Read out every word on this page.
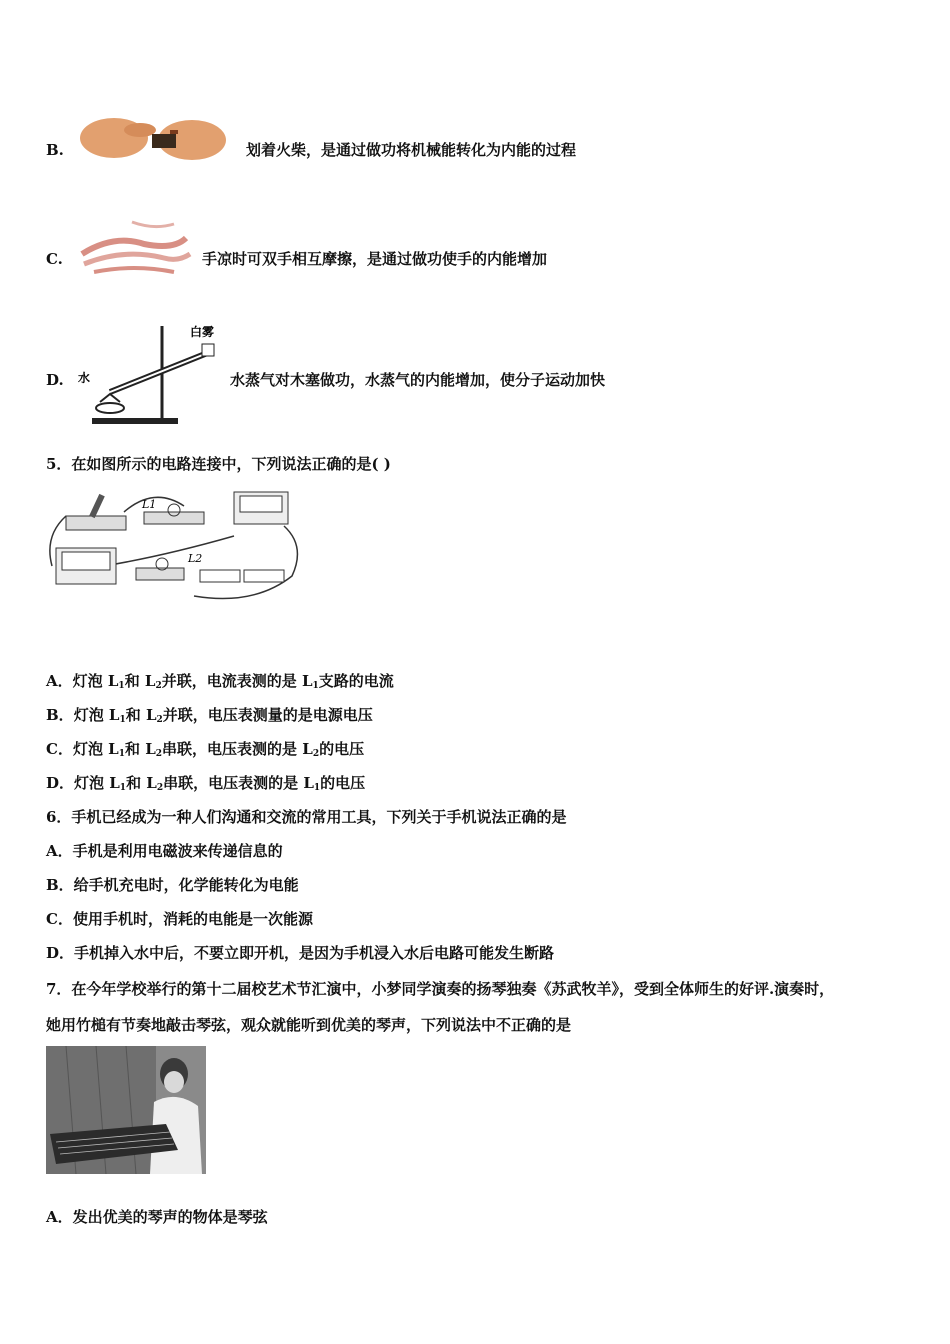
B.	划着火柴，是通过做功将机械能转化为内能的过程
C.	手凉时可双手相互摩擦，是通过做功使手的内能增加
D.
白雾
水	水蒸气对木塞做功，水蒸气的内能增加，使分子运动加快
5．在如图所示的电路连接中，下列说法正确的是( )
L1
L2
A．灯泡 $L_1$和 $L_2$并联，电流表测的是 $L_1$支路的电流
B．灯泡 $L_1$和 $L_2$并联，电压表测量的是电源电压
C．灯泡 $L_1$和 $L_2$串联，电压表测的是 $L_2$的电压
D．灯泡 $L_1$和 $L_2$串联，电压表测的是 $L_1$的电压
6．手机已经成为一种人们沟通和交流的常用工具，下列关于手机说法正确的是
A．手机是利用电磁波来传递信息的
B．给手机充电时，化学能转化为电能
C．使用手机时，消耗的电能是一次能源
D．手机掉入水中后，不要立即开机，是因为手机浸入水后电路可能发生断路
7．在今年学校举行的第十二届校艺术节汇演中，小梦同学演奏的扬琴独奏《苏武牧羊》，受到全体师生的好评.演奏时，
她用竹槌有节奏地敲击琴弦，观众就能听到优美的琴声，下列说法中不正确的是
A．发出优美的琴声的物体是琴弦
